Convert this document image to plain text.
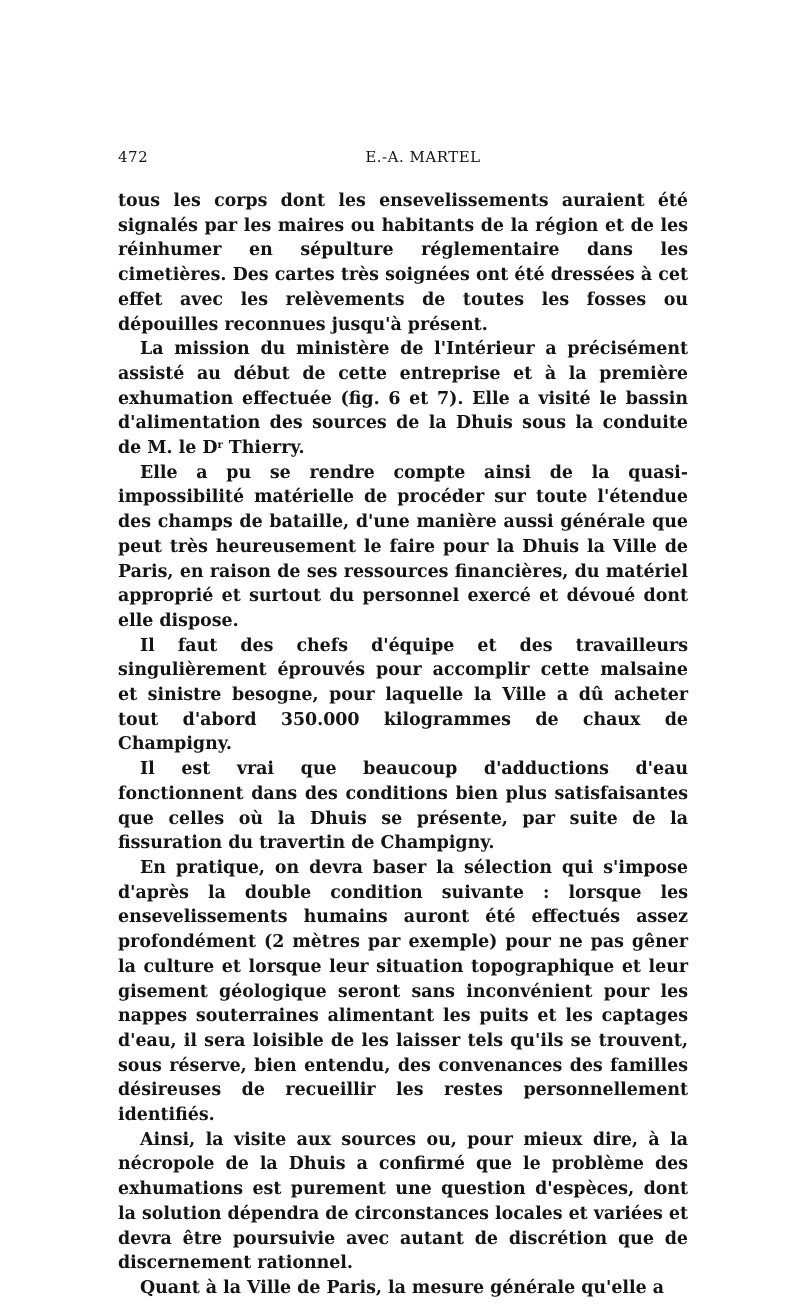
472	E.-A. MARTEL

tous les corps dont les ensevelissements auraient été signalés par les maires ou habitants de la région et de les réinhumer en sépulture réglementaire dans les cimetières. Des cartes très soignées ont été dressées à cet effet avec les relèvements de toutes les fosses ou dépouilles reconnues jusqu'à présent.

La mission du ministère de l'Intérieur a précisément assisté au début de cette entreprise et à la première exhumation effectuée (fig. 6 et 7). Elle a visité le bassin d'alimentation des sources de la Dhuis sous la conduite de M. le $D^r$ Thierry.

Elle a pu se rendre compte ainsi de la quasi-impossibilité matérielle de procéder sur toute l'étendue des champs de bataille, d'une manière aussi générale que peut très heureusement le faire pour la Dhuis la Ville de Paris, en raison de ses ressources financières, du matériel approprié et surtout du personnel exercé et dévoué dont elle dispose.

Il faut des chefs d'équipe et des travailleurs singulièrement éprouvés pour accomplir cette malsaine et sinistre besogne, pour laquelle la Ville a dû acheter tout d'abord 350.000 kilogrammes de chaux de Champigny.

Il est vrai que beaucoup d'adductions d'eau fonctionnent dans des conditions bien plus satisfaisantes que celles où la Dhuis se présente, par suite de la fissuration du travertin de Champigny.

En pratique, on devra baser la sélection qui s'impose d'après la double condition suivante : lorsque les ensevelissements humains auront été effectués assez profondément (2 mètres par exemple) pour ne pas gêner la culture et lorsque leur situation topographique et leur gisement géologique seront sans inconvénient pour les nappes souterraines alimentant les puits et les captages d'eau, il sera loisible de les laisser tels qu'ils se trouvent, sous réserve, bien entendu, des convenances des familles désireuses de recueillir les restes personnellement identifiés.

Ainsi, la visite aux sources ou, pour mieux dire, à la nécropole de la Dhuis a confirmé que le problème des exhumations est purement une question d'espèces, dont la solution dépendra de circonstances locales et variées et devra être poursuivie avec autant de discrétion que de discernement rationnel.

Quant à la Ville de Paris, la mesure générale qu'elle a
